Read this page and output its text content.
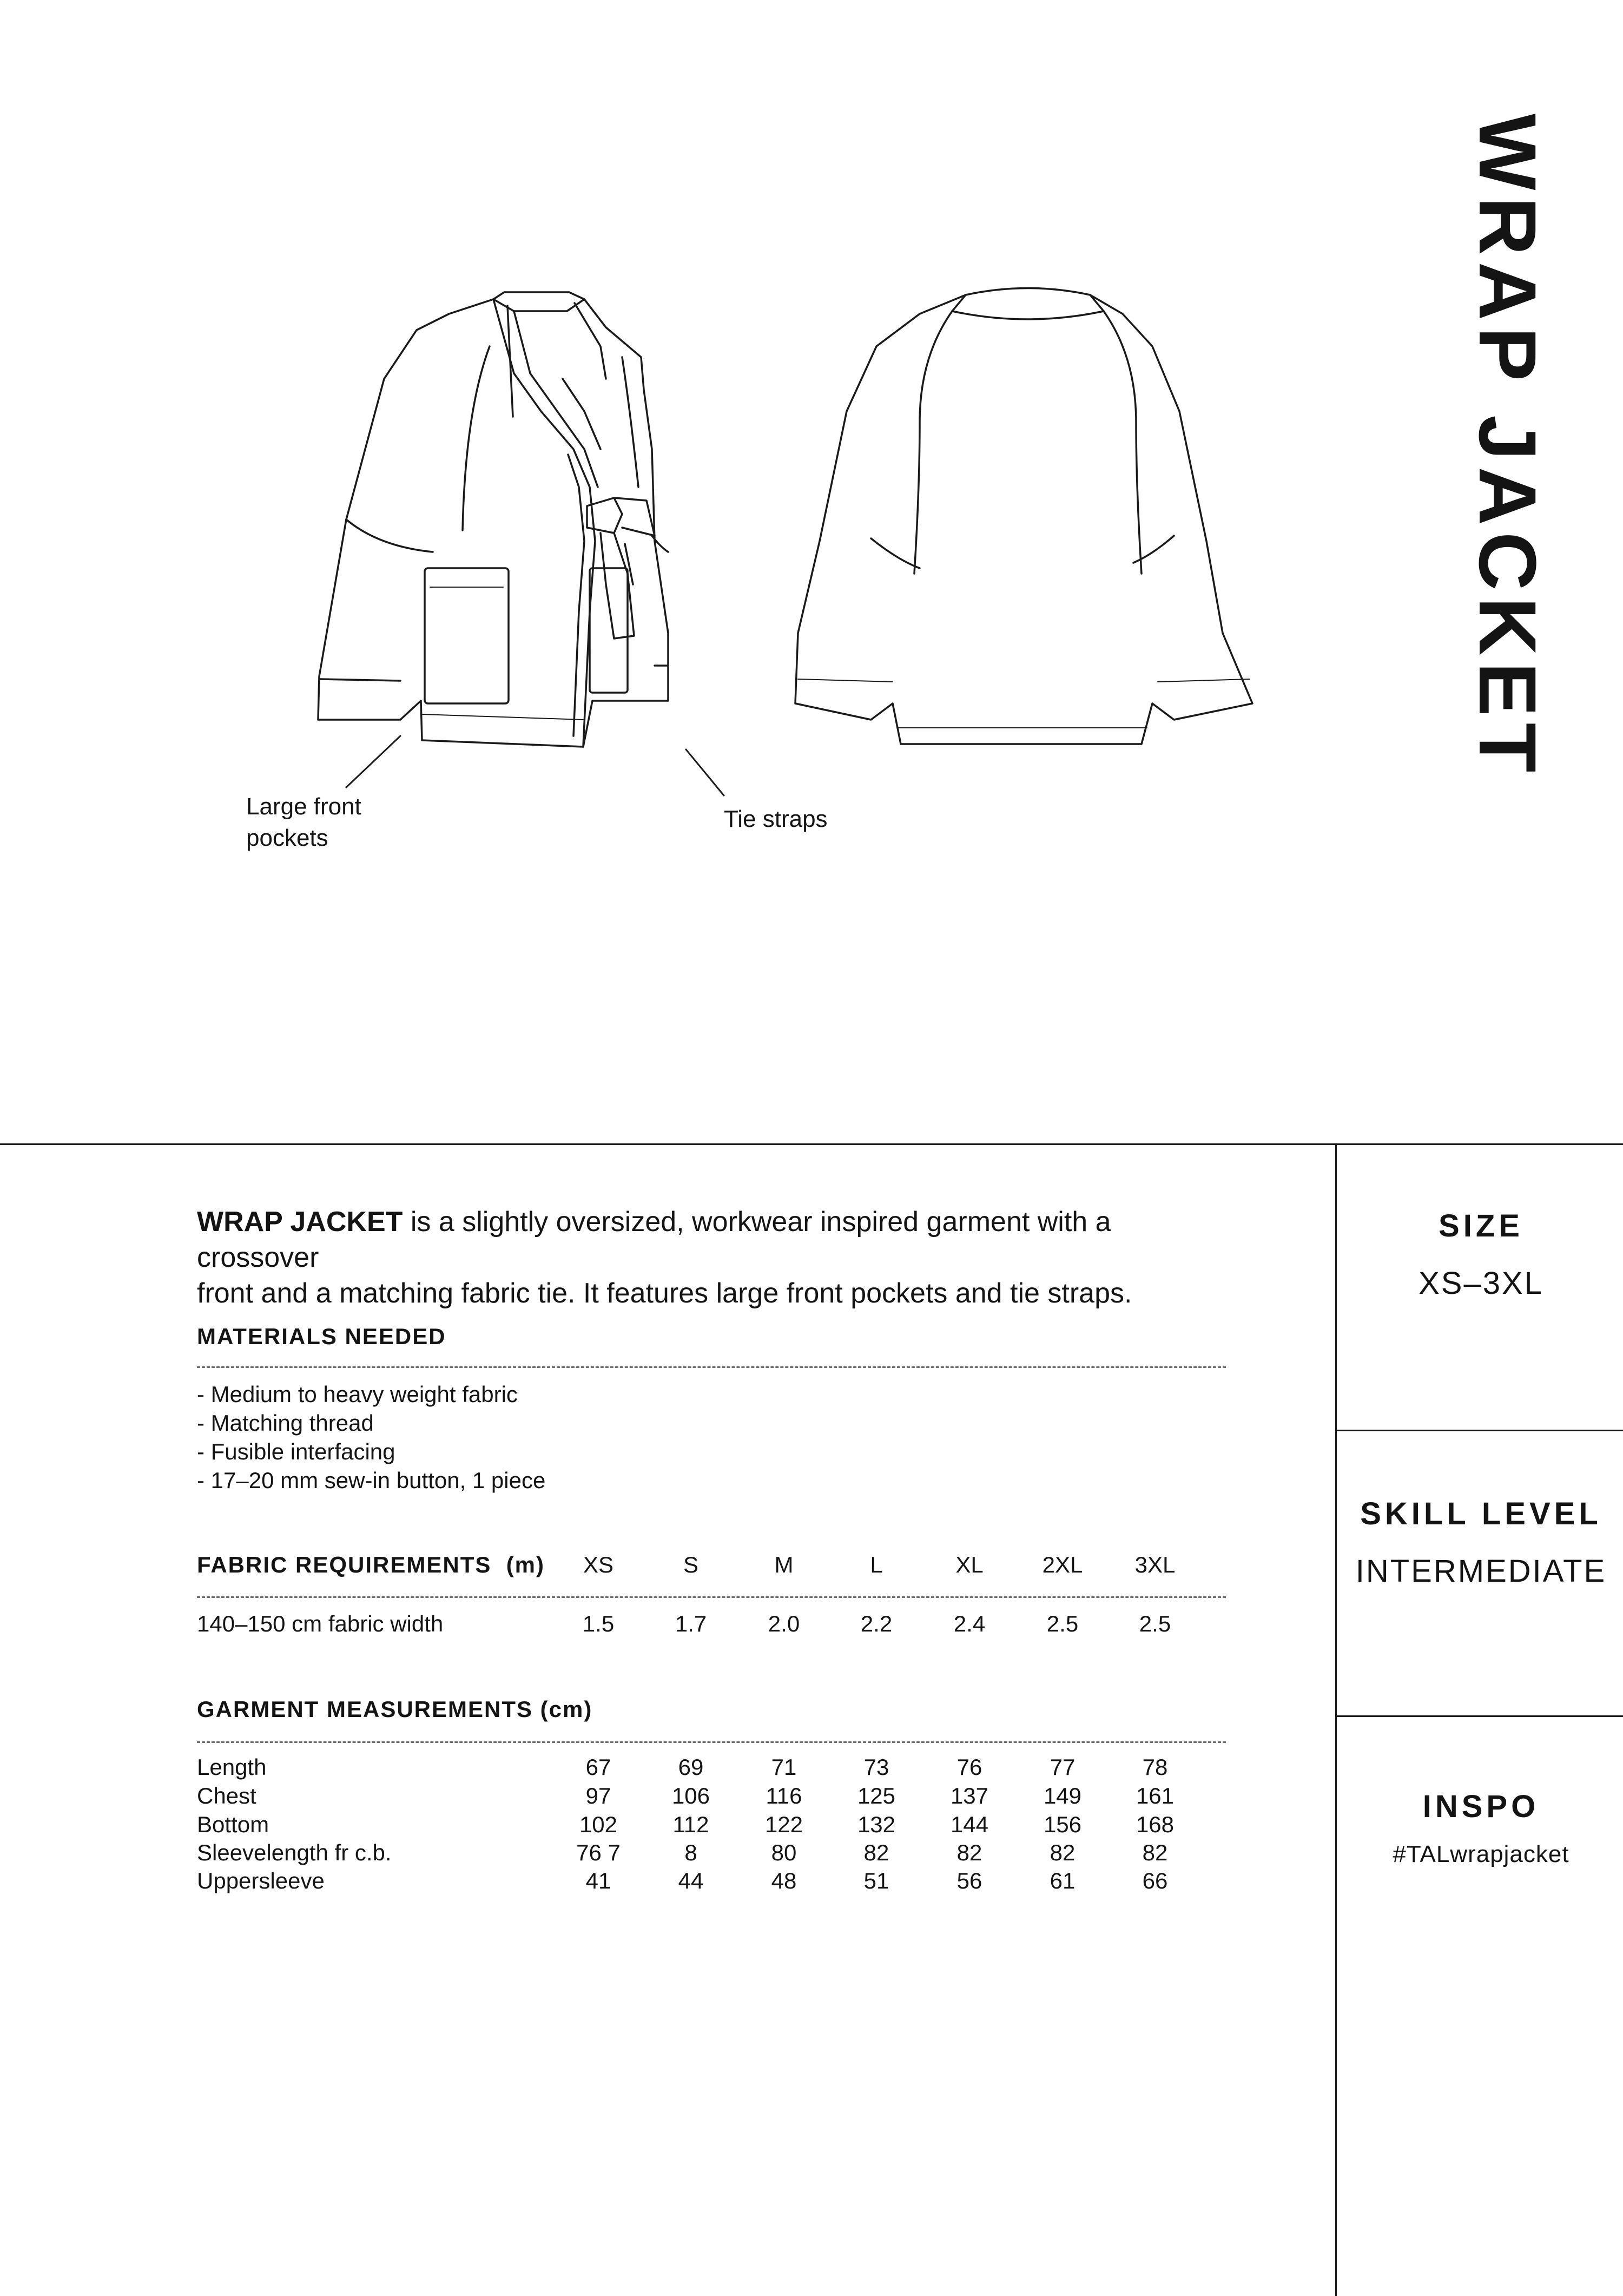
WRAP JACKET
Large front
pockets
Tie straps
WRAP JACKET is a slightly oversized, workwear inspired garment with a crossover
front and a matching fabric tie. It features large front pockets and tie straps.
MATERIALS NEEDED
- Medium to heavy weight fabric
- Matching thread
- Fusible interfacing
- 17–20 mm sew-in button, 1 piece
FABRIC REQUIREMENTS  (m)	XS	S	M	L	XL	2XL	3XL
140–150 cm fabric width	1.5	1.7	2.0	2.2	2.4	2.5	2.5
GARMENT MEASUREMENTS (cm)
Length	67	69	71	73	76	77	78
Chest	97	106	116	125	137	149	161
Bottom	102	112	122	132	144	156	168
Sleevelength fr c.b.	76 7	8	80	82	82	82	82
Uppersleeve	41	44	48	51	56	61	66
SIZE
XS–3XL
SKILL LEVEL
INTERMEDIATE
INSPO
#TALwrapjacket
